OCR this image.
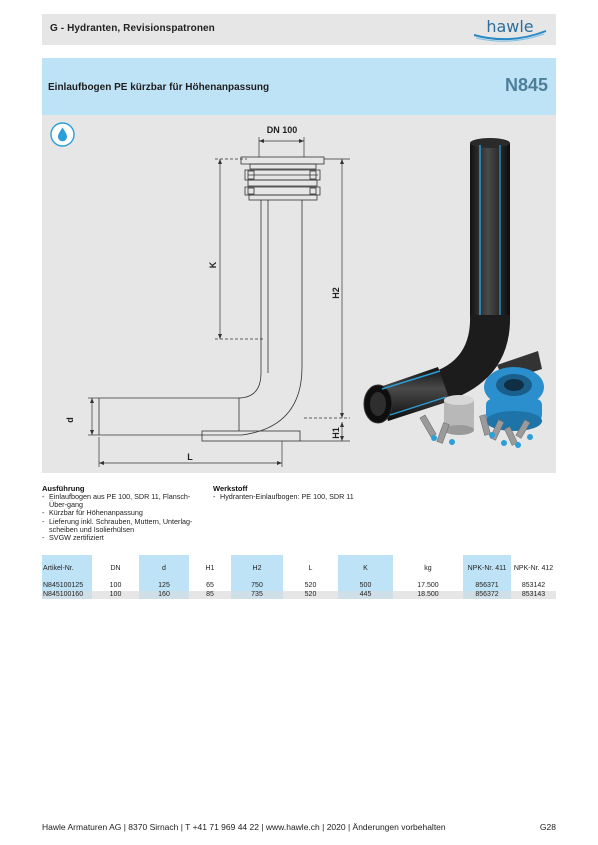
G - Hydranten, Revisionspatronen	hawle
Einlaufbogen PE kürzbar für Höhenanpassung	N845
DN 100
K
H2
H1
d
L
Ausführung
- Einlaufbogen aus PE 100, SDR 11, Flansch-Über-gang
- Kürzbar für Höhenanpassung
- Lieferung inkl. Schrauben, Muttern, Unterlag-scheiben und Isolierhülsen
- SVGW zertifiziert
Werkstoff
- Hydranten-Einlaufbogen: PE 100, SDR 11
Artikel-Nr.	DN	d	H1	H2	L	K	kg	NPK-Nr. 411	NPK-Nr. 412
N845100125	100	125	65	750	520	500	17.500	856371	853142
N845100160	100	160	85	735	520	445	18.500	856372	853143
Hawle Armaturen AG | 8370 Sirnach | T +41 71 969 44 22 | www.hawle.ch | 2020 | Änderungen vorbehalten	G28
